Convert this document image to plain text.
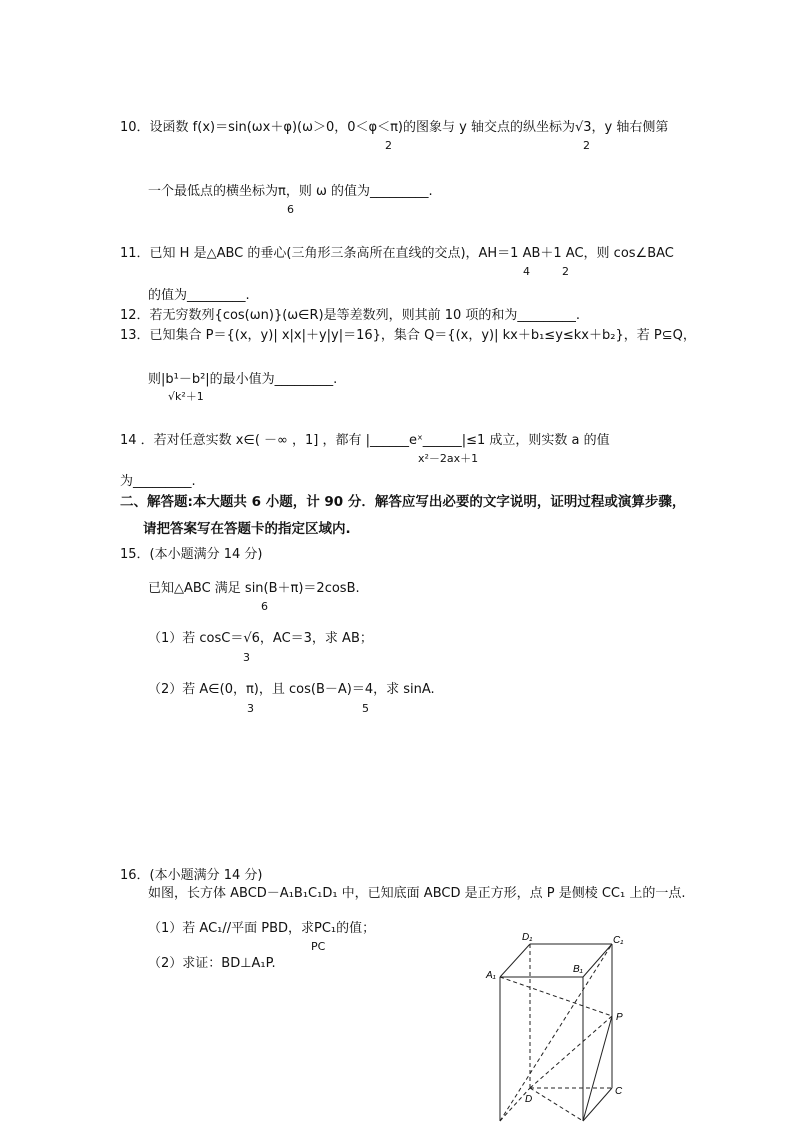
10．设函数 f(x)＝sin(ωx＋φ)(ω＞0，0＜φ＜π)的图象与 y 轴交点的纵坐标为√3，y 轴右侧第
2	2
一个最低点的横坐标为π，则 ω 的值为_________.
6
11．已知 H 是△ABC 的垂心(三角形三条高所在直线的交点)，AH＝1 AB＋1 AC，则 cos∠BAC
4	2
的值为_________.
12．若无穷数列{cos(ωn)}(ω∈R)是等差数列，则其前 10 项的和为_________.
13．已知集合 P＝{(x，y)| x|x|＋y|y|＝16}，集合 Q＝{(x，y)| kx＋b₁≤y≤kx＋b₂}，若 P⊆Q，
则|b¹－b²|的最小值为_________.
√k²＋1
14 ．若对任意实数 x∈( －∞ ，1] ，都有 |______eˣ______|≤1 成立，则实数 a 的值
x²－2ax＋1
为_________.
二、解答题:本大题共 6 小题，计 90 分．解答应写出必要的文字说明，证明过程或演算步骤，
请把答案写在答题卡的指定区域内.
15．(本小题满分 14 分)
已知△ABC 满足 sin(B＋π)＝2cosB.
6
（1）若 cosC＝√6，AC＝3，求 AB；
3
（2）若 A∈(0，π)，且 cos(B－A)＝4，求 sinA.
3	5
16．(本小题满分 14 分)
如图，长方体 ABCD－A₁B₁C₁D₁ 中，已知底面 ABCD 是正方形，点 P 是侧棱 CC₁ 上的一点.
（1）若 AC₁//平面 PBD，求PC₁的值；
PC
（2）求证：BD⊥A₁P.
D₁	C₁
A₁
B₁
P
C
D
